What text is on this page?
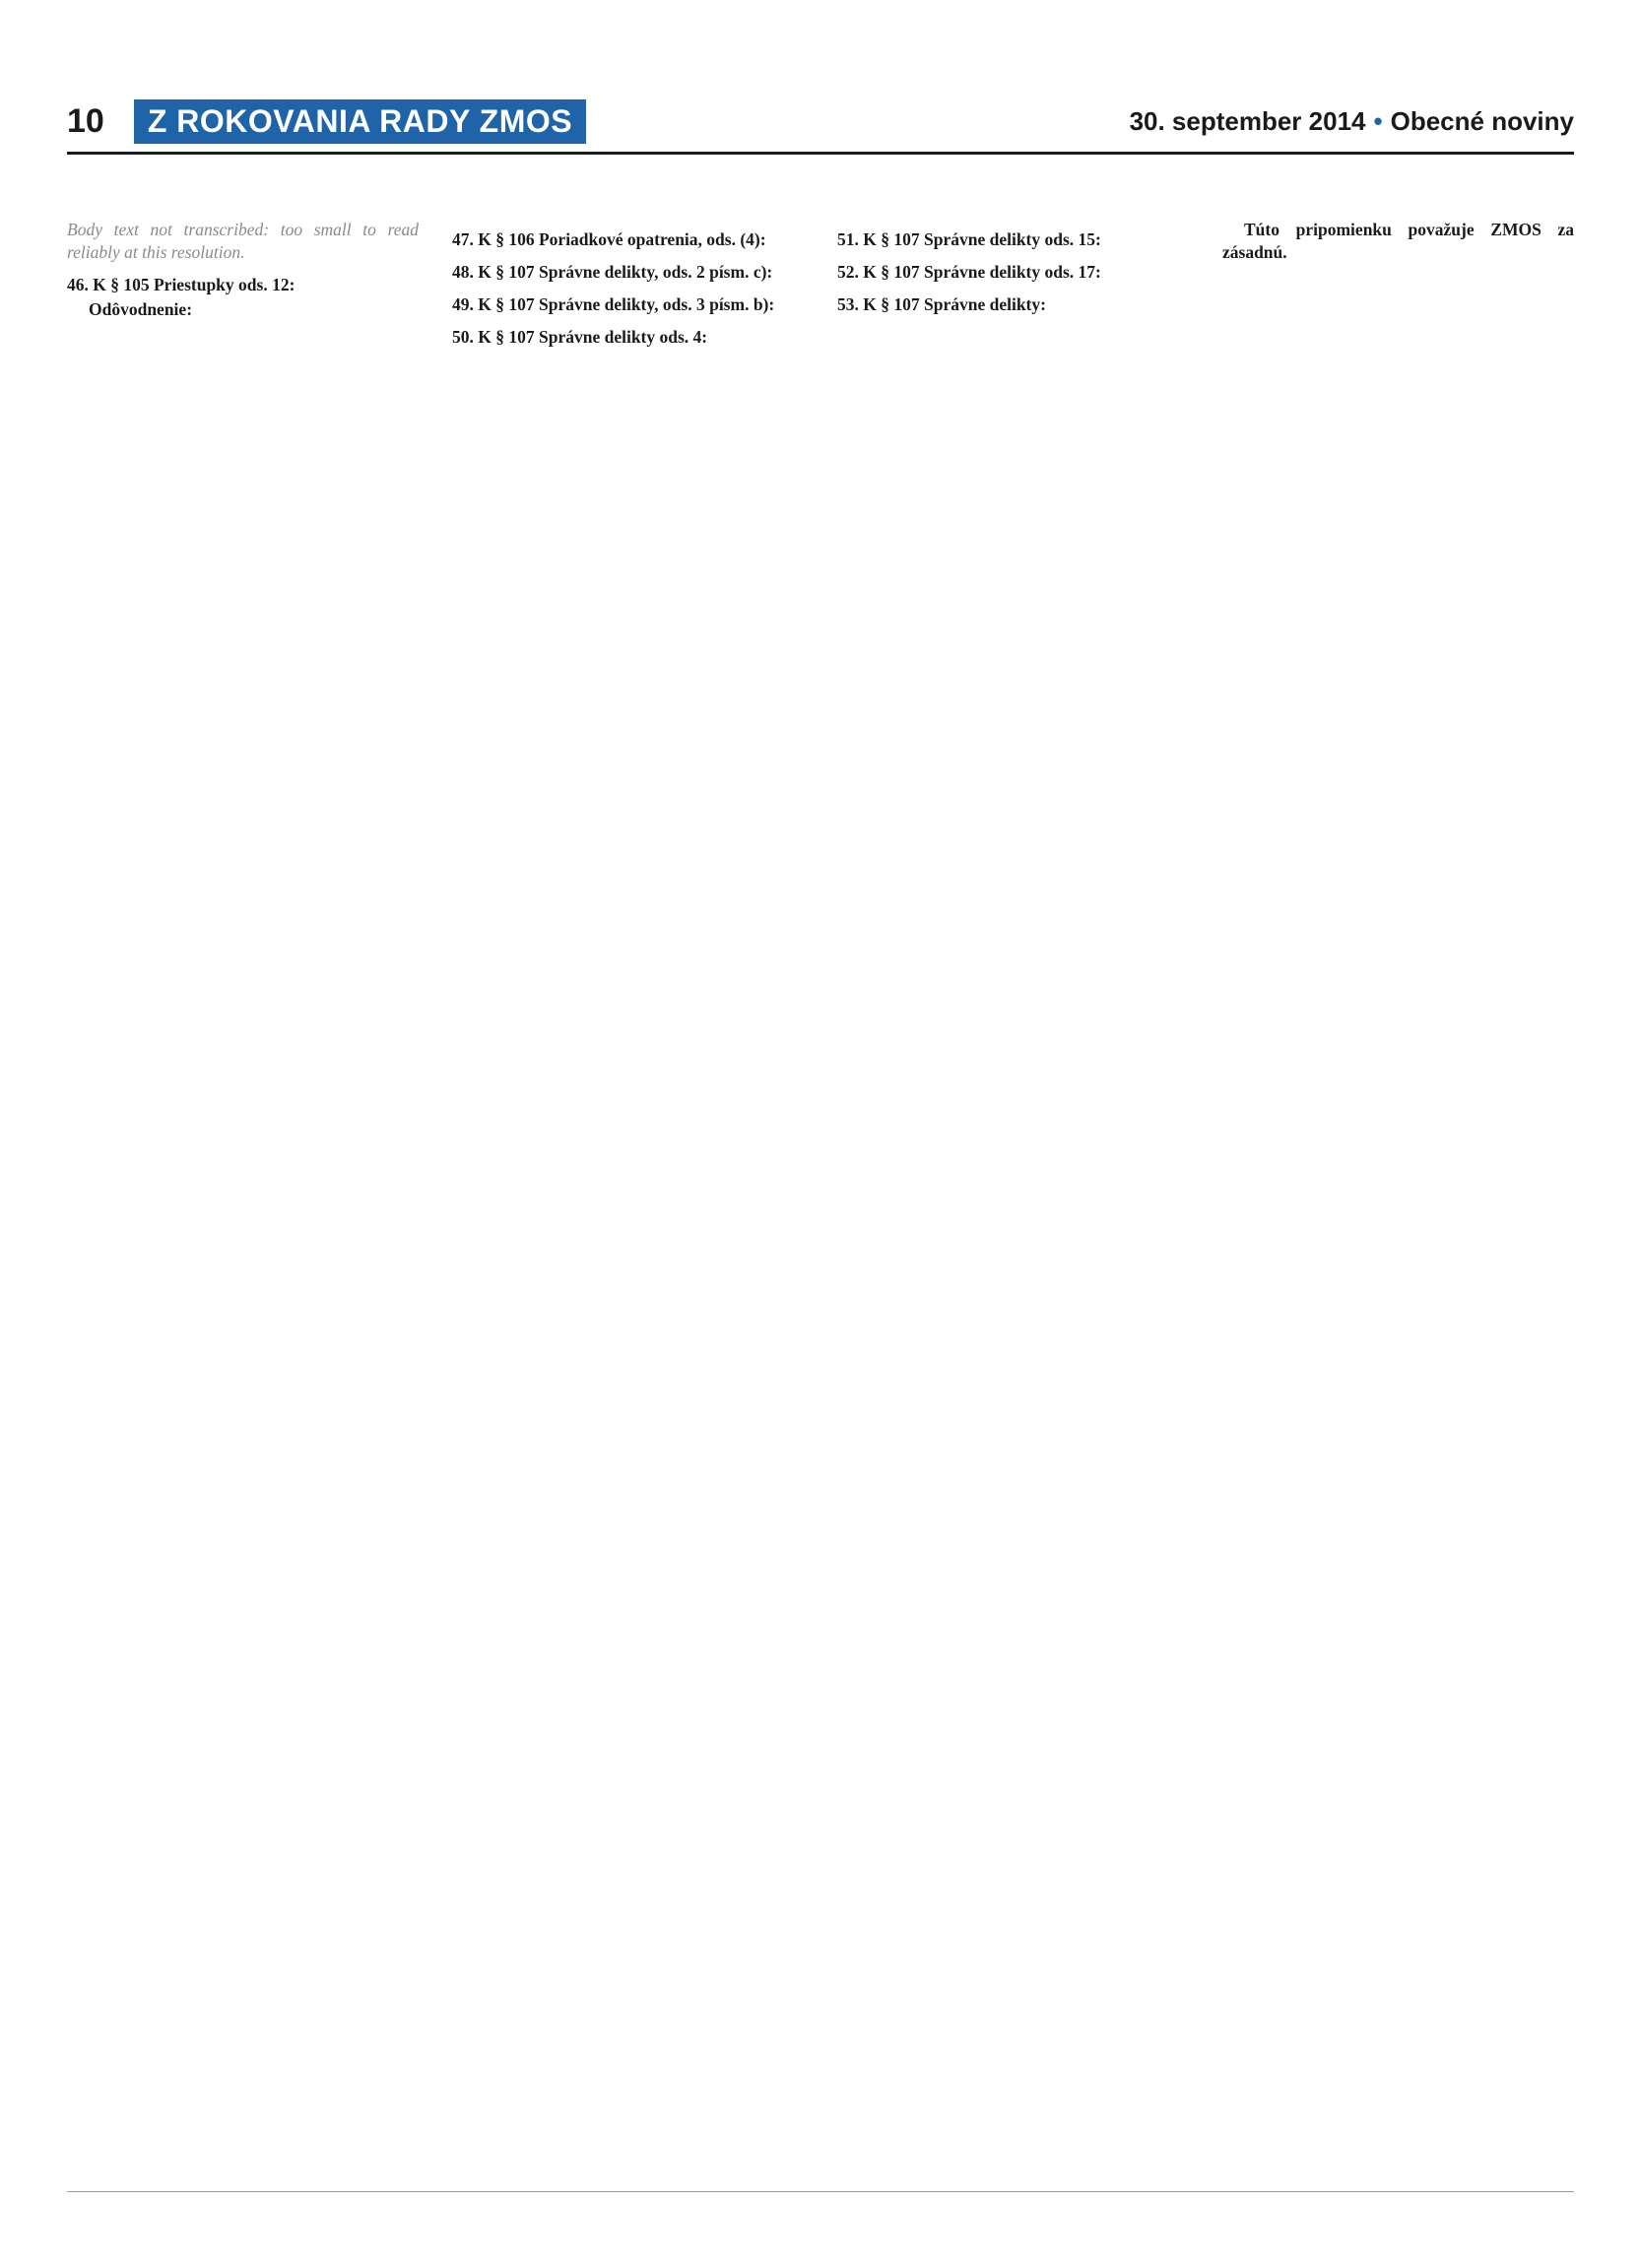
10	Z ROKOVANIA RADY ZMOS	30. september 2014 • Obecné noviny

Body text not transcribed: too small to read reliably at this resolution.

46. K § 105 Priestupky ods. 12:

Odôvodnenie:

47. K § 106 Poriadkové opatrenia, ods. (4):

48. K § 107 Správne delikty, ods. 2 písm. c):

49. K § 107 Správne delikty, ods. 3 písm. b):

50. K § 107 Správne delikty ods. 4:

51. K § 107 Správne delikty ods. 15:

52. K § 107 Správne delikty ods. 17:

53. K § 107 Správne delikty:

Túto pripomienku považuje ZMOS za zásadnú.
